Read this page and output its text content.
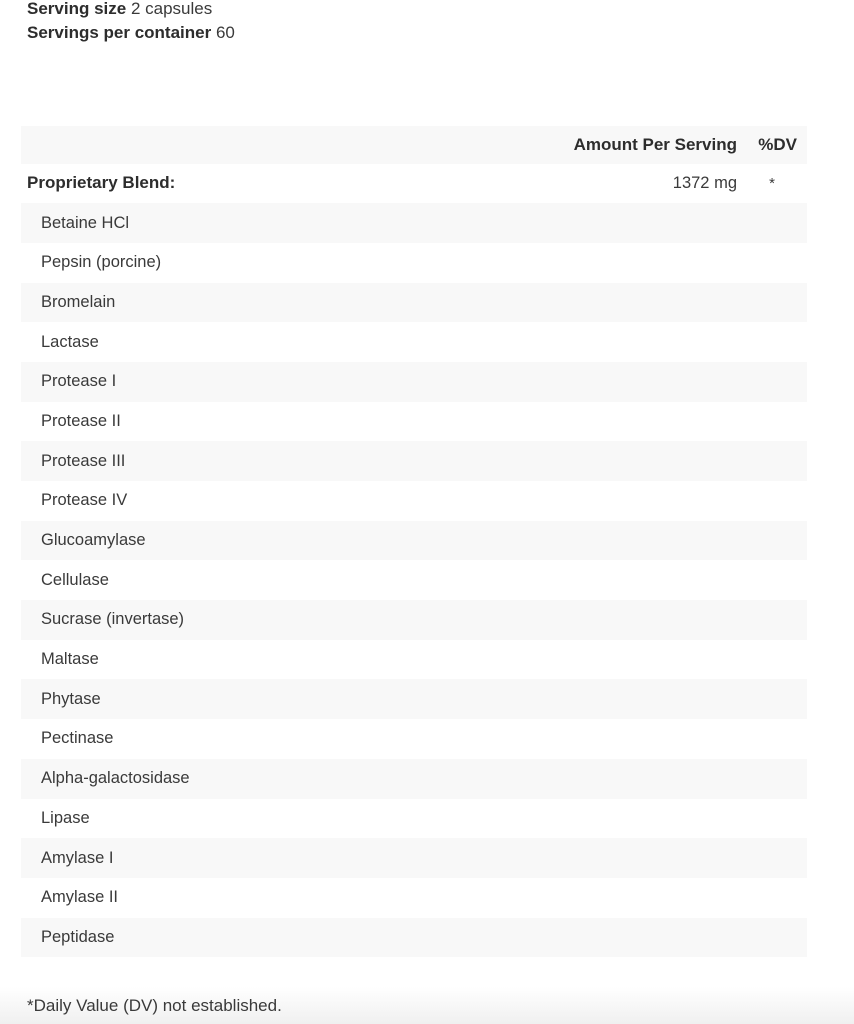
Serving size 2 capsules
Servings per container 60
Amount Per Serving	%DV
Proprietary Blend:	1372 mg	*
Betaine HCl
Pepsin (porcine)
Bromelain
Lactase
Protease I
Protease II
Protease III
Protease IV
Glucoamylase
Cellulase
Sucrase (invertase)
Maltase
Phytase
Pectinase
Alpha-galactosidase
Lipase
Amylase I
Amylase II
Peptidase
*Daily Value (DV) not established.
